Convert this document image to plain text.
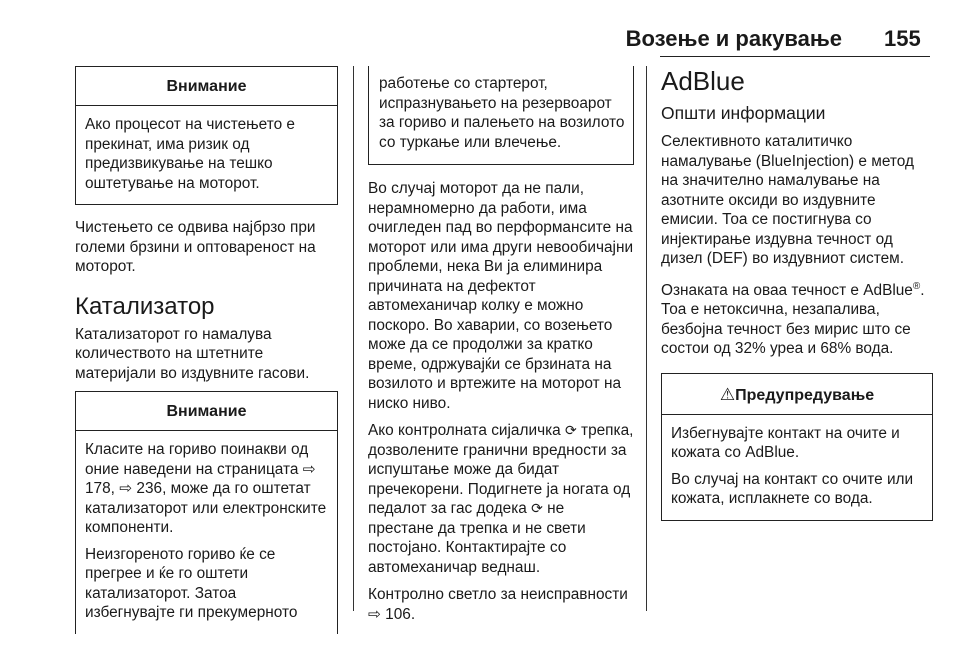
Возење и ракување 155
Внимание

Ако процесот на чистењето е прекинат, има ризик од предизвикување на тешко оштетување на моторот.

Чистењето се одвива најбрзо при големи брзини и оптовареност на моторот.

Катализатор

Катализаторот го намалува количеството на штетните материјали во издувните гасови.

Внимание

Класите на гориво поинакви од оние наведени на страницата ⇨ 178, ⇨ 236, може да го оштетат катализаторот или електронските компоненти.

Неизгореното гориво ќе се прегрее и ќе го оштети катализаторот. Затоа избегнувајте ги прекумерното

работење со стартерот, испразнувањето на резервоарот за гориво и палењето на возилото со туркање или влечење.

Во случај моторот да не пали, нерамномерно да работи, има очигледен пад во перформансите на моторот или има други невообичајни проблеми, нека Ви ја елиминира причината на дефектот автомеханичар колку е можно поскоро. Во хаварии, со возењето може да се продолжи за кратко време, одржувајќи се брзината на возилото и вртежите на моторот на ниско ниво.

Ако контролната сијаличка ⟳ трепка, дозволените гранични вредности за испуштање може да бидат пречекорени. Подигнете ја ногата од педалот за гас додека ⟳ не престане да трепка и не свети постојано. Контактирајте со автомеханичар веднаш.

Контролно светло за неисправности ⇨ 106.

AdBlue
Општи информации

Селективното каталитичко намалување (BlueInjection) е метод на значително намалување на азотните оксиди во издувните емисии. Тоа се постигнува со инјектирање издувна течност од дизел (DEF) во издувниот систем.

Ознаката на оваа течност е AdBlue®. Тоа е нетоксична, незапалива, безбојна течност без мирис што се состои од 32% уреа и 68% вода.

⚠Предупредување

Избегнувајте контакт на очите и кожата со AdBlue.

Во случај на контакт со очите или кожата, исплакнете со вода.
